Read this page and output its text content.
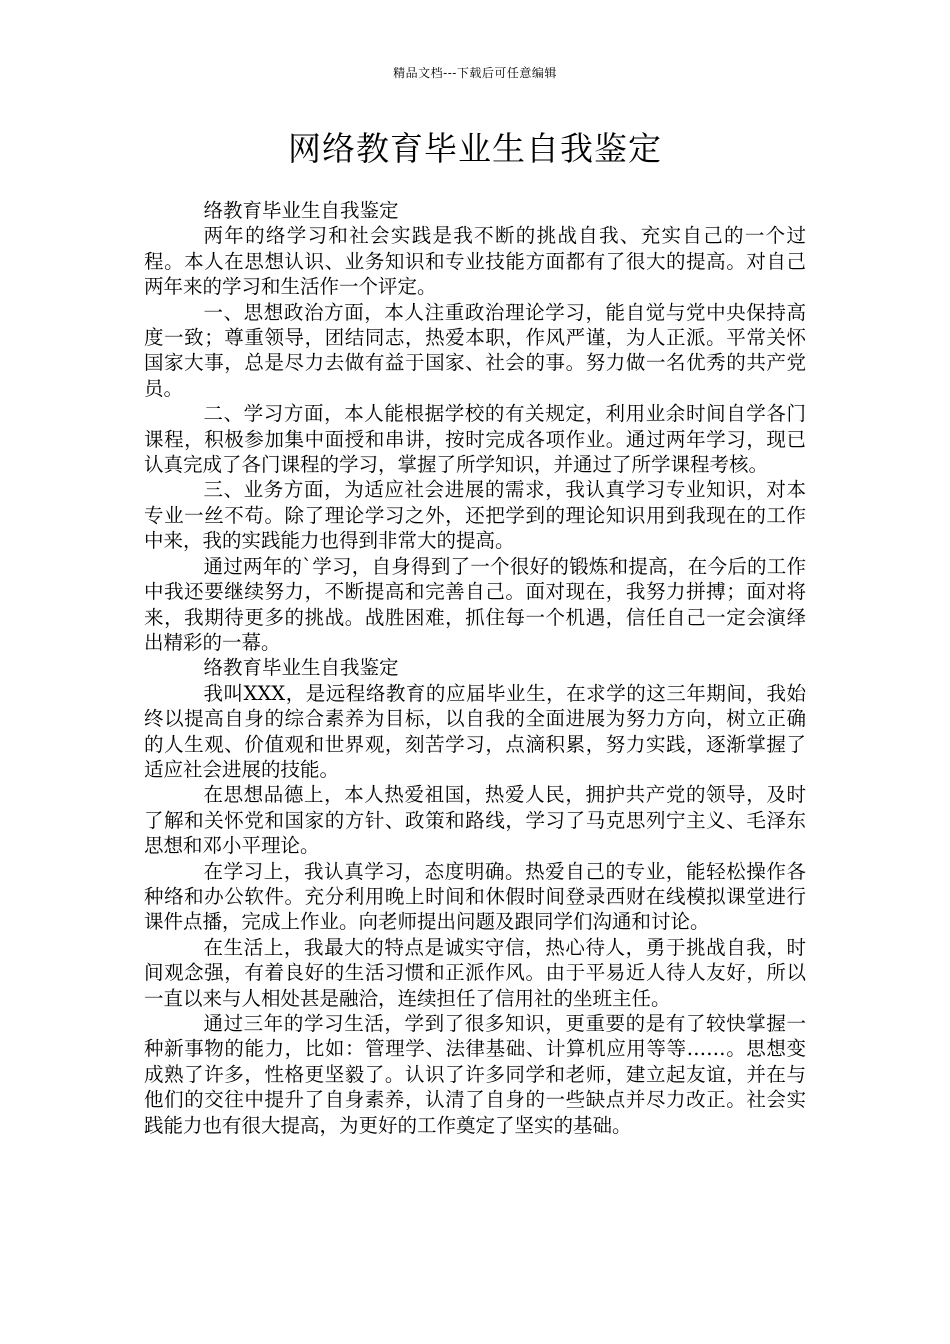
精品文档---下载后可任意编辑
网络教育毕业生自我鉴定

络教育毕业生自我鉴定

两年的络学习和社会实践是我不断的挑战自我、充实自己的一个过程。本人在思想认识、业务知识和专业技能方面都有了很大的提高。对自己两年来的学习和生活作一个评定。

一、思想政治方面，本人注重政治理论学习，能自觉与党中央保持高度一致；尊重领导，团结同志，热爱本职，作风严谨，为人正派。平常关怀国家大事，总是尽力去做有益于国家、社会的事。努力做一名优秀的共产党员。

二、学习方面，本人能根据学校的有关规定，利用业余时间自学各门课程，积极参加集中面授和串讲，按时完成各项作业。通过两年学习，现已认真完成了各门课程的学习，掌握了所学知识，并通过了所学课程考核。

三、业务方面，为适应社会进展的需求，我认真学习专业知识，对本专业一丝不苟。除了理论学习之外，还把学到的理论知识用到我现在的工作中来，我的实践能力也得到非常大的提高。

通过两年的`学习，自身得到了一个很好的锻炼和提高，在今后的工作中我还要继续努力，不断提高和完善自己。面对现在，我努力拼搏；面对将来，我期待更多的挑战。战胜困难，抓住每一个机遇，信任自己一定会演绎出精彩的一幕。

络教育毕业生自我鉴定

我叫XXX，是远程络教育的应届毕业生，在求学的这三年期间，我始终以提高自身的综合素养为目标，以自我的全面进展为努力方向，树立正确的人生观、价值观和世界观，刻苦学习，点滴积累，努力实践，逐渐掌握了适应社会进展的技能。

在思想品德上，本人热爱祖国，热爱人民，拥护共产党的领导，及时了解和关怀党和国家的方针、政策和路线，学习了马克思列宁主义、毛泽东思想和邓小平理论。

在学习上，我认真学习，态度明确。热爱自己的专业，能轻松操作各种络和办公软件。充分利用晚上时间和休假时间登录西财在线模拟课堂进行课件点播，完成上作业。向老师提出问题及跟同学们沟通和讨论。

在生活上，我最大的特点是诚实守信，热心待人，勇于挑战自我，时间观念强，有着良好的生活习惯和正派作风。由于平易近人待人友好，所以一直以来与人相处甚是融洽，连续担任了信用社的坐班主任。

通过三年的学习生活，学到了很多知识，更重要的是有了较快掌握一种新事物的能力，比如：管理学、法律基础、计算机应用等等……。思想变成熟了许多，性格更坚毅了。认识了许多同学和老师，建立起友谊，并在与他们的交往中提升了自身素养，认清了自身的一些缺点并尽力改正。社会实践能力也有很大提高，为更好的工作奠定了坚实的基础。
